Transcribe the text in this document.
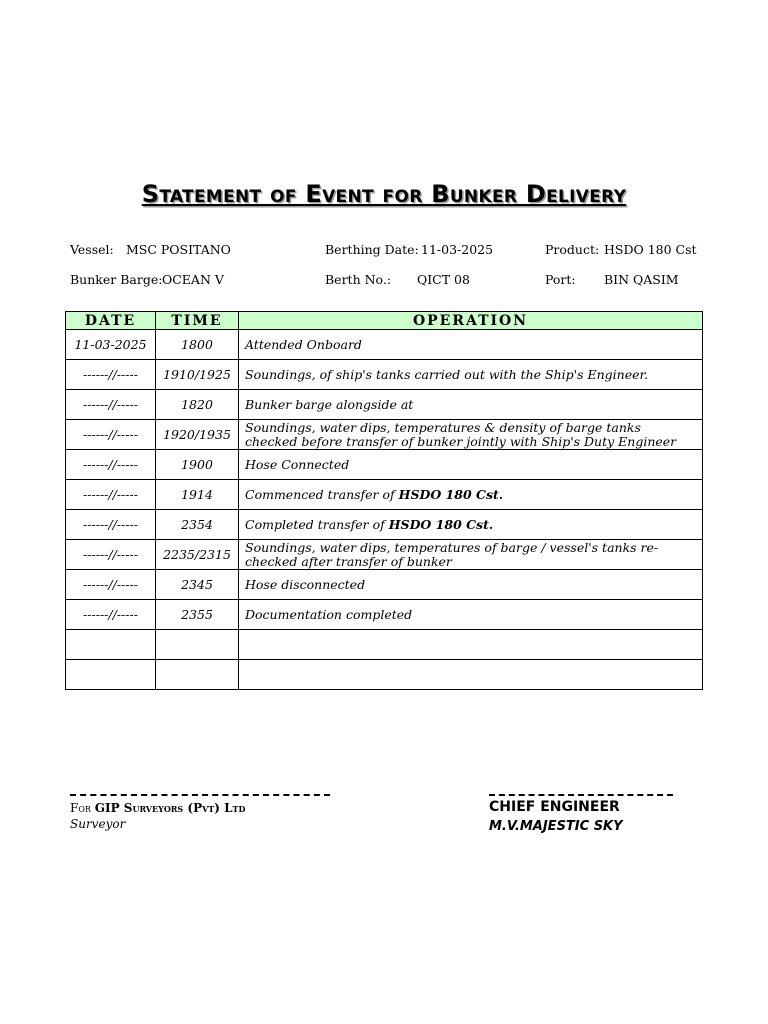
Statement of Event for Bunker Delivery
Vessel: MSC POSITANO	Berthing Date: 11-03-2025	Product: HSDO 180 Cst
Bunker Barge:OCEAN V	Berth No.: QICT 08	Port: BIN QASIM
DATE	TIME	OPERATION
11-03-2025	1800	Attended Onboard
------//-----	1910/1925	Soundings, of ship's tanks carried out with the Ship's Engineer.
------//-----	1820	Bunker barge alongside at
------//-----	1920/1935	Soundings, water dips, temperatures & density of barge tanks checked before transfer of bunker jointly with Ship's Duty Engineer
------//-----	1900	Hose Connected
------//-----	1914	Commenced transfer of HSDO 180 Cst.
------//-----	2354	Completed transfer of HSDO 180 Cst.
------//-----	2235/2315	Soundings, water dips, temperatures of barge / vessel's tanks re-checked after transfer of bunker
------//-----	2345	Hose disconnected
------//-----	2355	Documentation completed

For GIP Surveyors (Pvt) Ltd
Surveyor
CHIEF ENGINEER
M.V.MAJESTIC SKY
